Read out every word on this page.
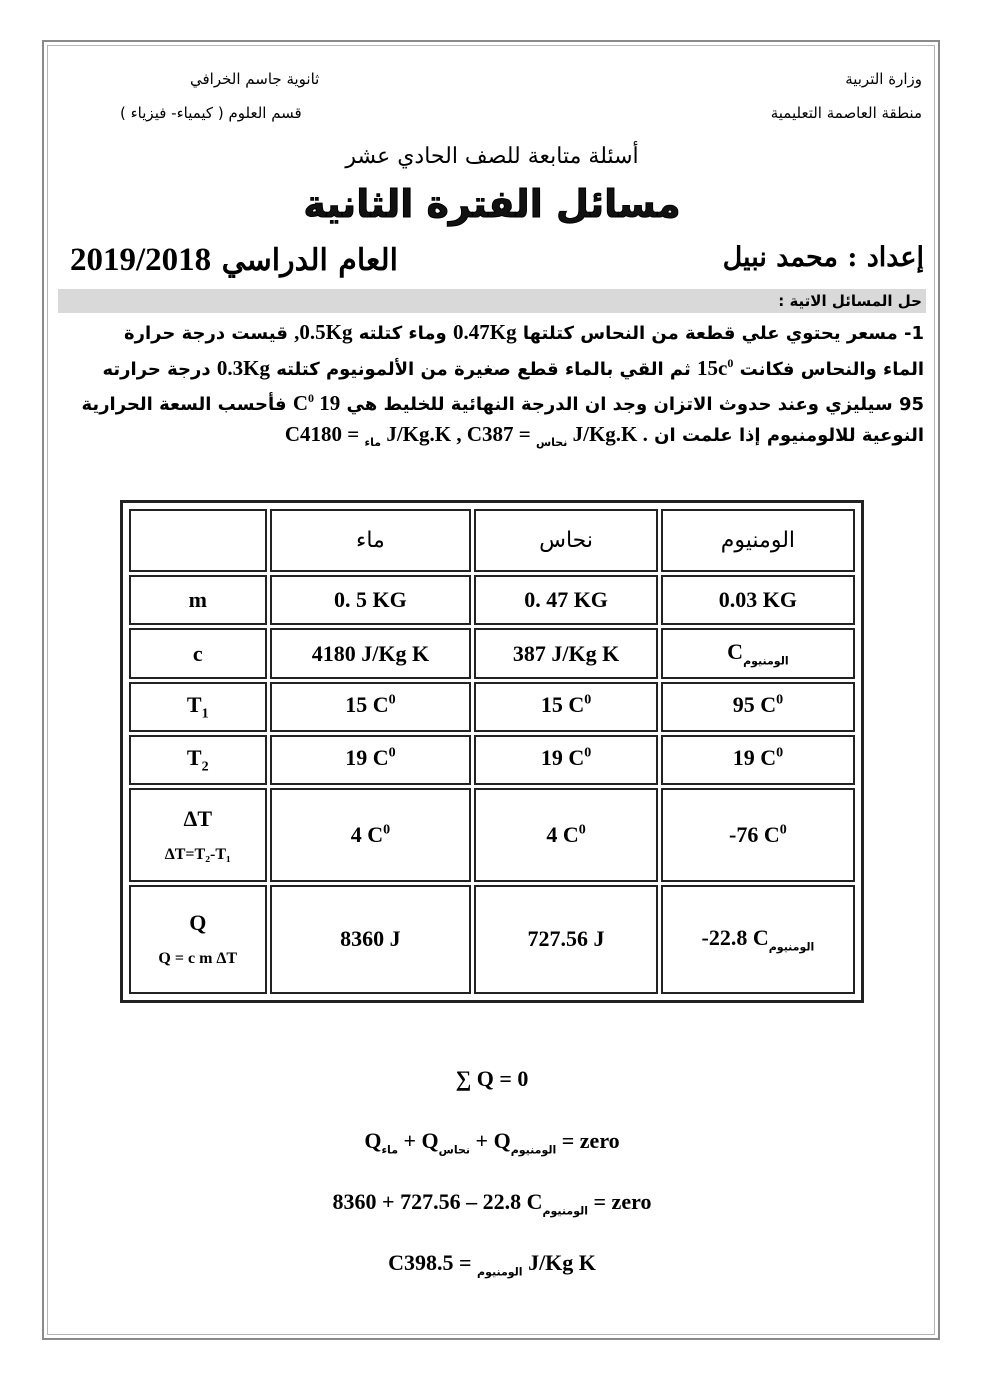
وزارة التربية
منطقة العاصمة التعليمية
ثانوية جاسم الخرافي
قسم العلوم ( كيمياء- فيزياء )
أسئلة متابعة للصف الحادي عشر
مسائل الفترة الثانية
إعداد : محمد نبيل
العام الدراسي 2019/2018
حل المسائل الاتية :
1- مسعر يحتوي علي قطعة من النحاس كتلتها 0.47Kg وماء كتلته 0.5Kg, قيست درجة حرارة
الماء والنحاس فكانت $15c^0$ ثم القي بالماء قطع صغيرة من الألمونيوم كتلته 0.3Kg درجة حرارته
95 سيليزي وعند حدوث الاتزان وجد ان الدرجة النهائية للخليط هي 19 $C^0$ فأحسب السعة الحرارية
النوعية للالومنيوم إذا علمت ان C	$_{ماء}$ = 4180 J/Kg.K , C	$_{نحاس}$ = 387 J/Kg.K .
	ماء	نحاس	الومنيوم
m	0. 5 KG	0. 47 KG	0.03 KG
c	4180 J/Kg K	387 J/Kg K	$C_{الومنيوم}$
$T_1$	15 $C^0$	15 $C^0$	95 $C^0$
$T_2$	19 $C^0$	19 $C^0$	19 $C^0$
ΔT
ΔT=T₂-T₁	4 $C^0$	4 $C^0$	-76 $C^0$
Q
Q = c m ΔT	8360 J	727.56 J	-22.8 $C_{الومنيوم}$
∑ Q = 0
$Q_{ماء} + Q_{نحاس} + Q_{الومنيوم}$ = zero
8360 + 727.56 – 22.8 $C_{الومنيوم}$ = zero
C	$_{الومنيوم}$ = 398.5 J/Kg K
